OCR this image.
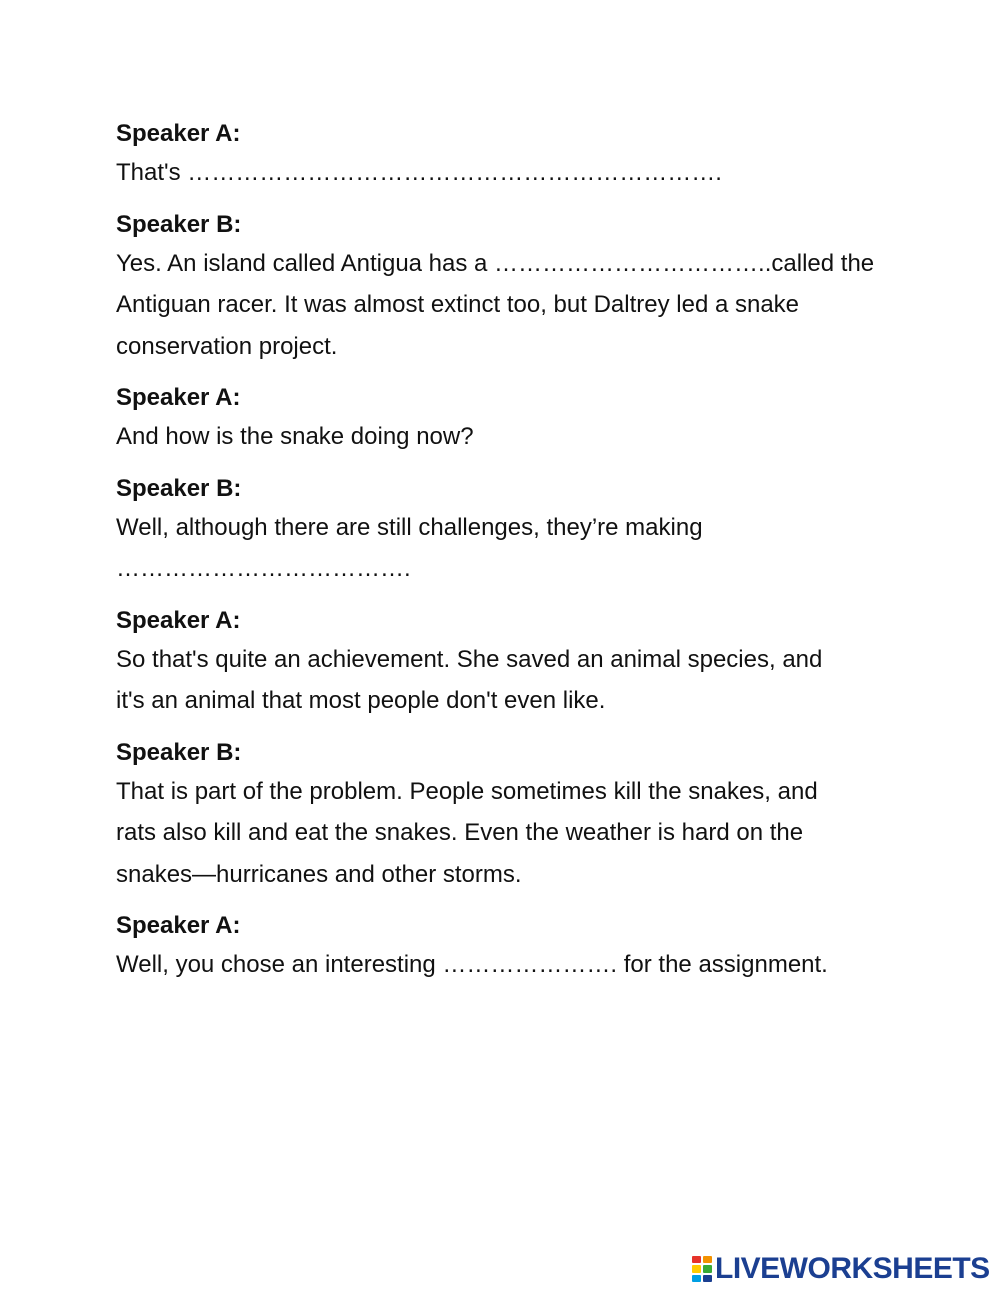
Speaker A:

That's ………………………………………………………….

Speaker B:

Yes. An island called Antigua has a ……………………………..called the

Antiguan racer. It was almost extinct too, but Daltrey led a snake

conservation project.

Speaker A:

And how is the snake doing now?

Speaker B:

Well, although there are still challenges, they’re making

……………………………….

Speaker A:

So that's quite an achievement. She saved an animal species, and

it's an animal that most people don't even like.

Speaker B:

That is part of the problem. People sometimes kill the snakes, and

rats also kill and eat the snakes. Even the weather is hard on the

snakes—hurricanes and other storms.

Speaker A:

Well, you chose an interesting …………………. for the assignment.

LIVEWORKSHEETS
